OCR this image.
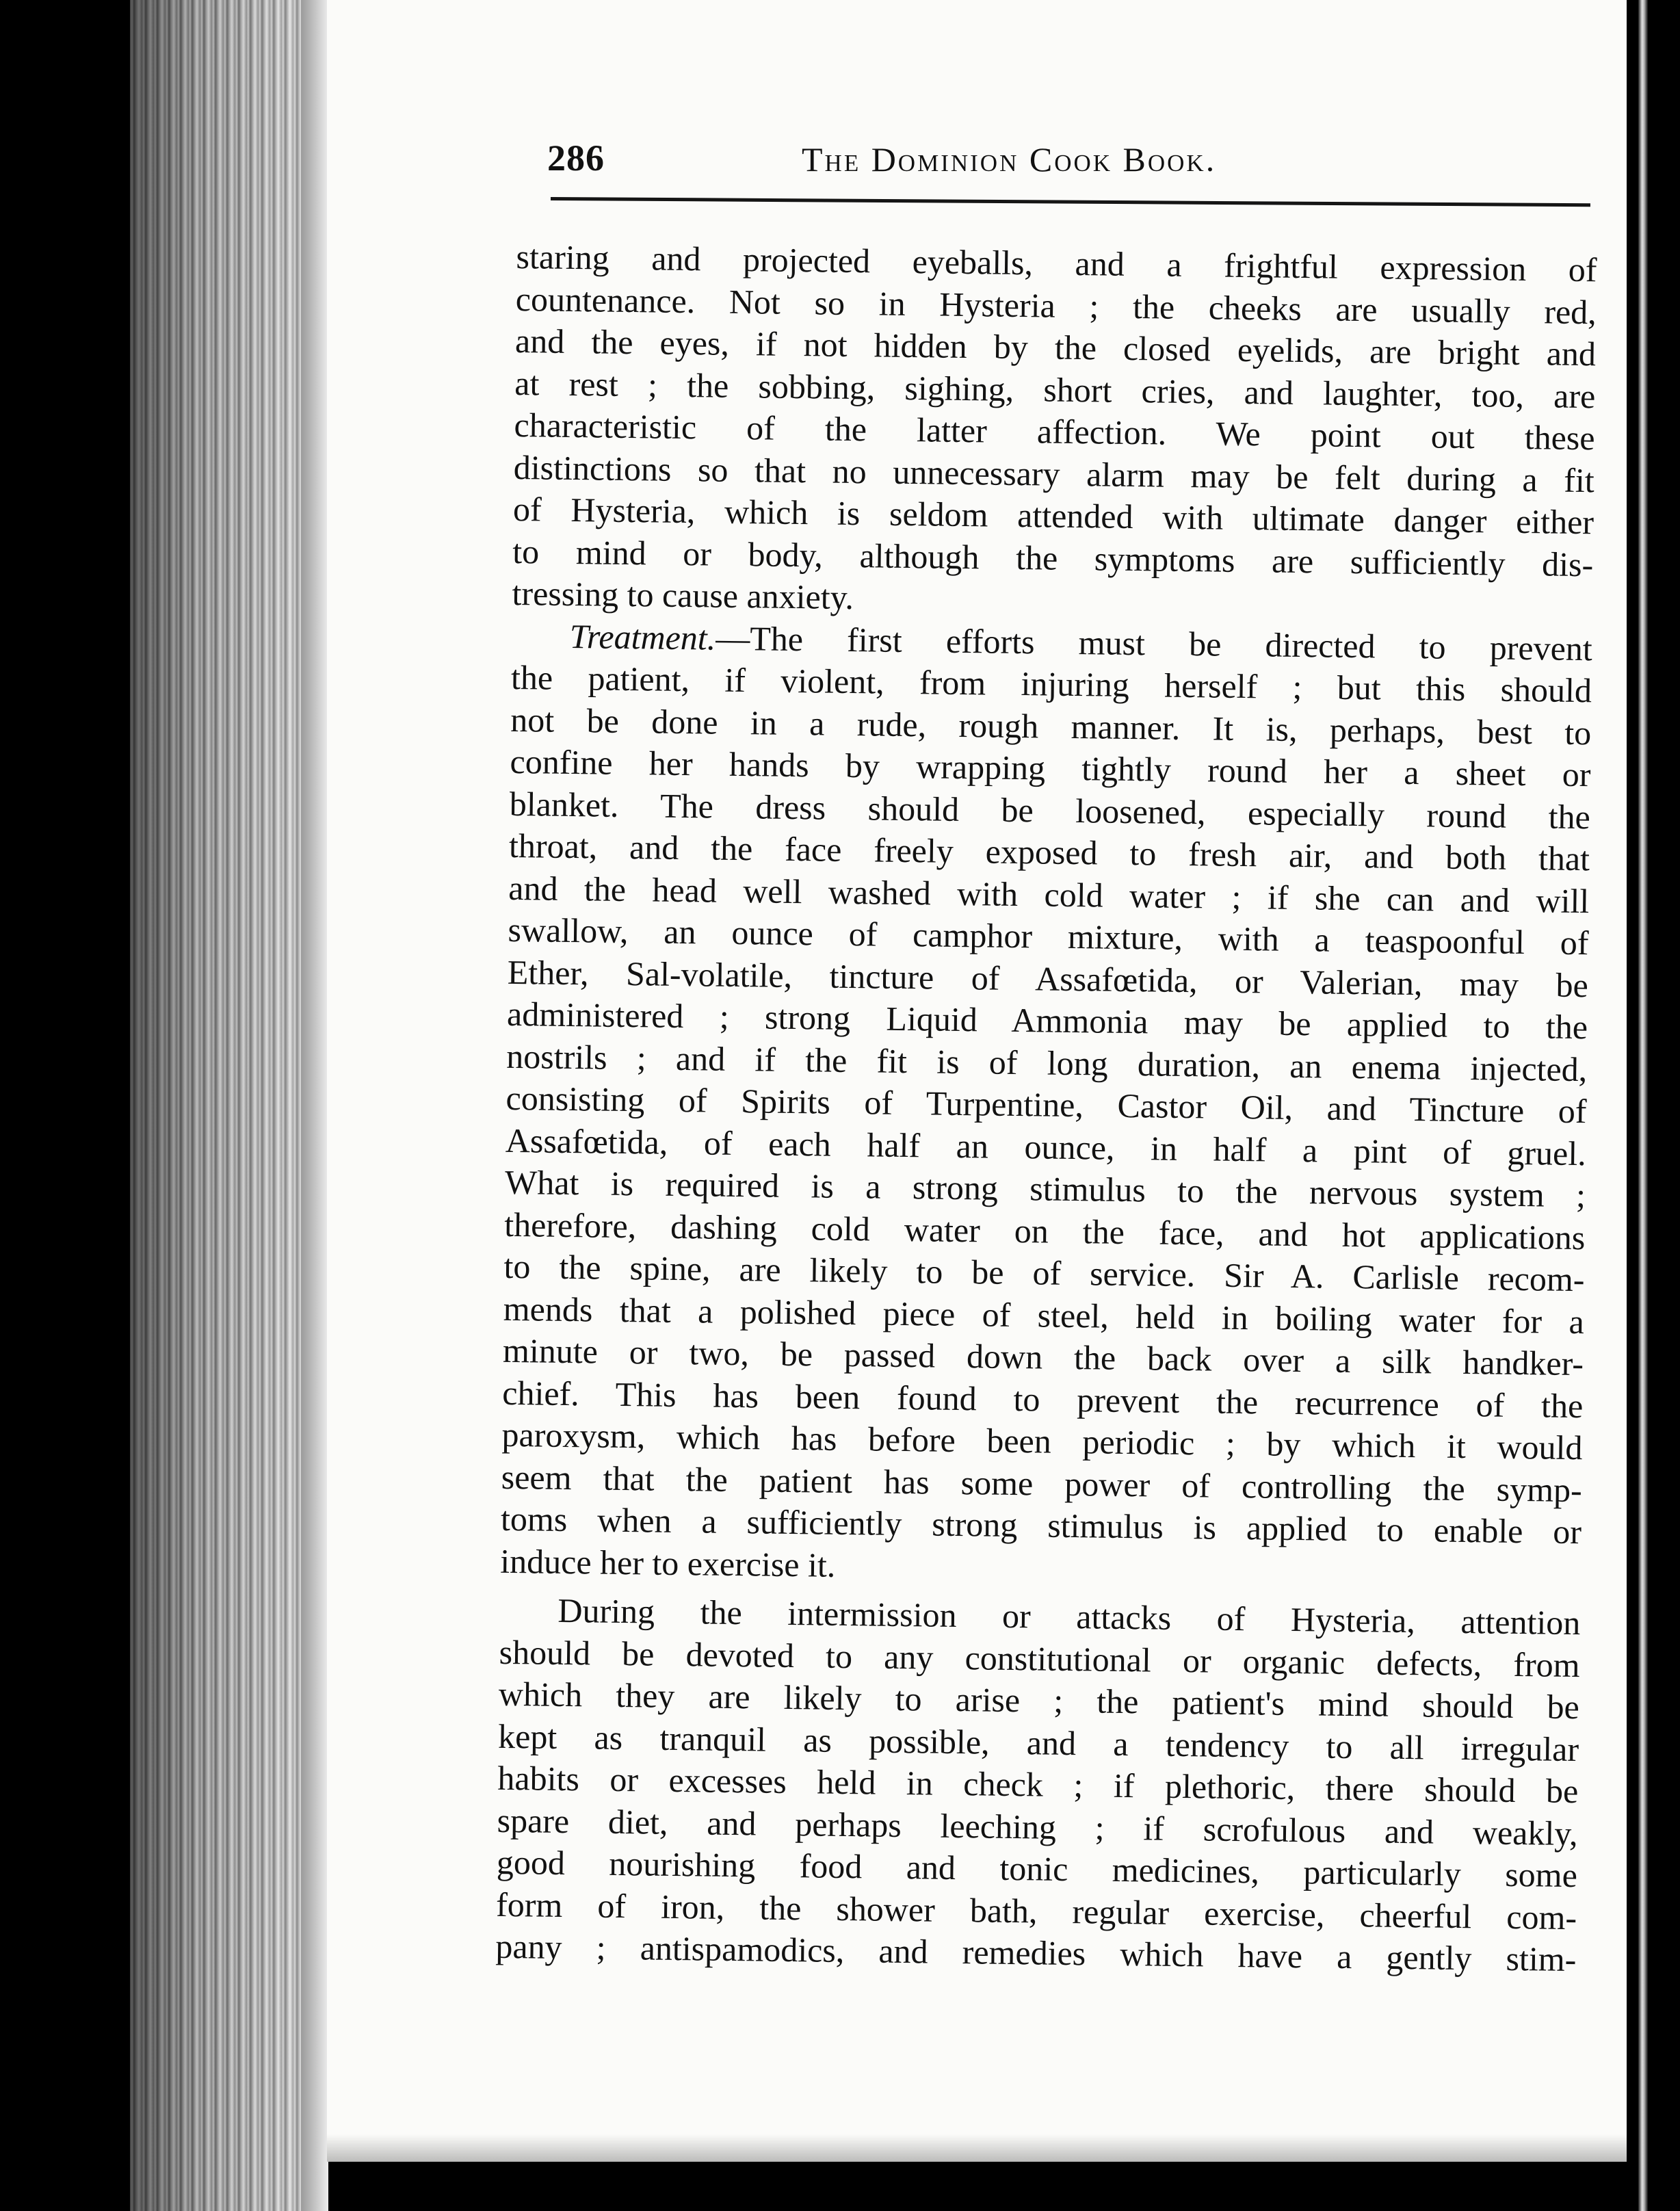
286	The Dominion Cook Book.
staring and projected eyeballs, and a frightful expression of
countenance. Not so in Hysteria ; the cheeks are usually red,
and the eyes, if not hidden by the closed eyelids, are bright and
at rest ; the sobbing, sighing, short cries, and laughter, too, are
characteristic of the latter affection. We point out these
distinctions so that no unnecessary alarm may be felt during a fit
of Hysteria, which is seldom attended with ultimate danger either
to mind or body, although the symptoms are sufficiently dis-
tressing to cause anxiety.
Treatment.—The first efforts must be directed to prevent
the patient, if violent, from injuring herself ; but this should
not be done in a rude, rough manner. It is, perhaps, best to
confine her hands by wrapping tightly round her a sheet or
blanket. The dress should be loosened, especially round the
throat, and the face freely exposed to fresh air, and both that
and the head well washed with cold water ; if she can and will
swallow, an ounce of camphor mixture, with a teaspoonful of
Ether, Sal-volatile, tincture of Assafœtida, or Valerian, may be
administered ; strong Liquid Ammonia may be applied to the
nostrils ; and if the fit is of long duration, an enema injected,
consisting of Spirits of Turpentine, Castor Oil, and Tincture of
Assafœtida, of each half an ounce, in half a pint of gruel.
What is required is a strong stimulus to the nervous system ;
therefore, dashing cold water on the face, and hot applications
to the spine, are likely to be of service. Sir A. Carlisle recom-
mends that a polished piece of steel, held in boiling water for a
minute or two, be passed down the back over a silk handker-
chief. This has been found to prevent the recurrence of the
paroxysm, which has before been periodic ; by which it would
seem that the patient has some power of controlling the symp-
toms when a sufficiently strong stimulus is applied to enable or
induce her to exercise it.
During the intermission or attacks of Hysteria, attention
should be devoted to any constitutional or organic defects, from
which they are likely to arise ; the patient's mind should be
kept as tranquil as possible, and a tendency to all irregular
habits or excesses held in check ; if plethoric, there should be
spare diet, and perhaps leeching ; if scrofulous and weakly,
good nourishing food and tonic medicines, particularly some
form of iron, the shower bath, regular exercise, cheerful com-
pany ; antispamodics, and remedies which have a gently stim-
